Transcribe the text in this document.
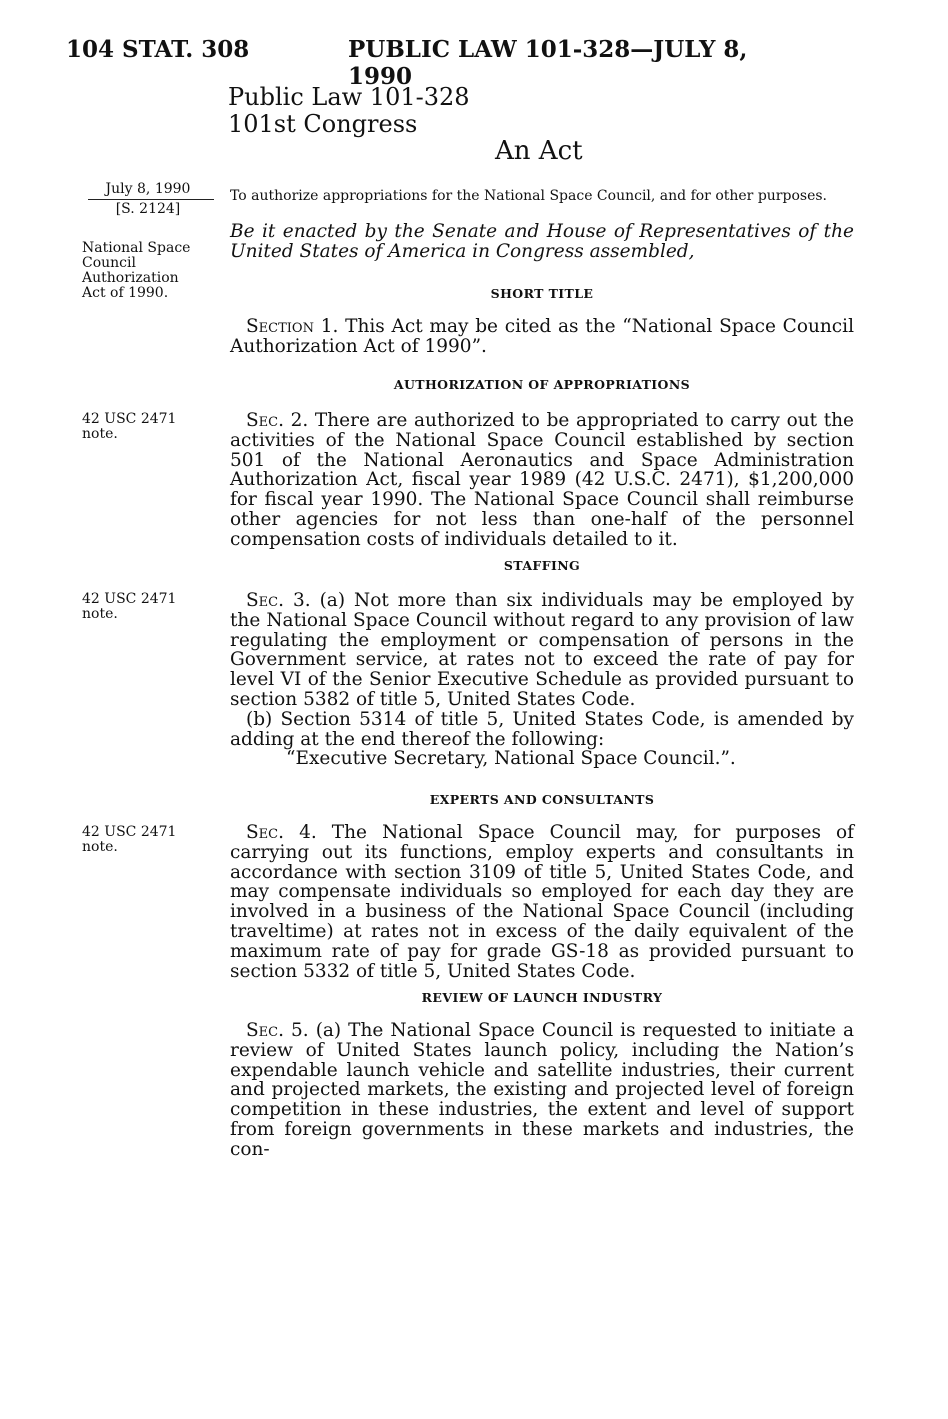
104 STAT. 308	PUBLIC LAW 101-328—JULY 8, 1990
Public Law 101-328
101st Congress
An Act
July 8, 1990
[S. 2124]
National Space
Council
Authorization
Act of 1990.
42 USC 2471
note.
42 USC 2471
note.
42 USC 2471
note.
To authorize appropriations for the National Space Council, and for other purposes.
Be it enacted by the Senate and House of Representatives of the United States of America in Congress assembled,
SHORT TITLE

Section 1. This Act may be cited as the “National Space Council Authorization Act of 1990”.

AUTHORIZATION OF APPROPRIATIONS

Sec. 2. There are authorized to be appropriated to carry out the activities of the National Space Council established by section 501 of the National Aeronautics and Space Administration Authorization Act, fiscal year 1989 (42 U.S.C. 2471), $1,200,000 for fiscal year 1990. The National Space Council shall reimburse other agencies for not less than one-half of the personnel compensation costs of individuals detailed to it.

STAFFING

Sec. 3. (a) Not more than six individuals may be employed by the National Space Council without regard to any provision of law regulating the employment or compensation of persons in the Government service, at rates not to exceed the rate of pay for level VI of the Senior Executive Schedule as provided pursuant to section 5382 of title 5, United States Code.

(b) Section 5314 of title 5, United States Code, is amended by adding at the end thereof the following:

“Executive Secretary, National Space Council.”.

EXPERTS AND CONSULTANTS

Sec. 4. The National Space Council may, for purposes of carrying out its functions, employ experts and consultants in accordance with section 3109 of title 5, United States Code, and may compensate individuals so employed for each day they are involved in a business of the National Space Council (including traveltime) at rates not in excess of the daily equivalent of the maximum rate of pay for grade GS-18 as provided pursuant to section 5332 of title 5, United States Code.

REVIEW OF LAUNCH INDUSTRY

Sec. 5. (a) The National Space Council is requested to initiate a review of United States launch policy, including the Nation’s expendable launch vehicle and satellite industries, their current and projected markets, the existing and projected level of foreign competition in these industries, the extent and level of support from foreign governments in these markets and industries, the con-
